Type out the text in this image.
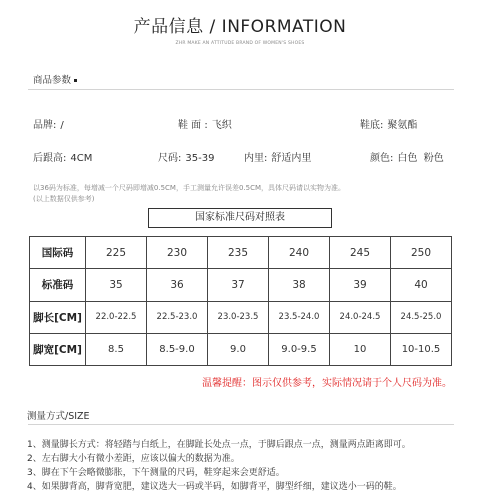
产品信息 / INFORMATION
ZHR MAKE AN ATTITUDE BRAND OF WOMEN'S SHOES
商品参数
品牌: /	鞋 面 : 飞织	鞋底: 聚氨酯
后跟高: 4CM	尺码: 35-39	内里: 舒适内里	颜色: 白色  粉色
以36码为标准，每增减一个尺码即增减0.5CM，手工测量允许误差0.5CM，具体尺码请以实物为准。
(以上数据仅供参考)
国家标准尺码对照表
国际码	225	230	235	240	245	250
标准码	35	36	37	38	39	40
脚长[CM]	22.0-22.5	22.5-23.0	23.0-23.5	23.5-24.0	24.0-24.5	24.5-25.0
脚宽[CM]	8.5	8.5-9.0	9.0	9.0-9.5	10	10-10.5
温馨提醒：图示仅供参考，实际情况请于个人尺码为准。
测量方式/SIZE
1、测量脚长方式：将轻踏与白纸上，在脚趾长处点一点，于脚后跟点一点，测量两点距离即可。
2、左右脚大小有微小差距，应该以偏大的数据为准。
3、脚在下午会略微膨胀，下午测量的尺码，鞋穿起来会更舒适。
4、如果脚背高，脚背宽肥，建议选大一码或半码，如脚背平，脚型纤细，建议选小一码的鞋。
